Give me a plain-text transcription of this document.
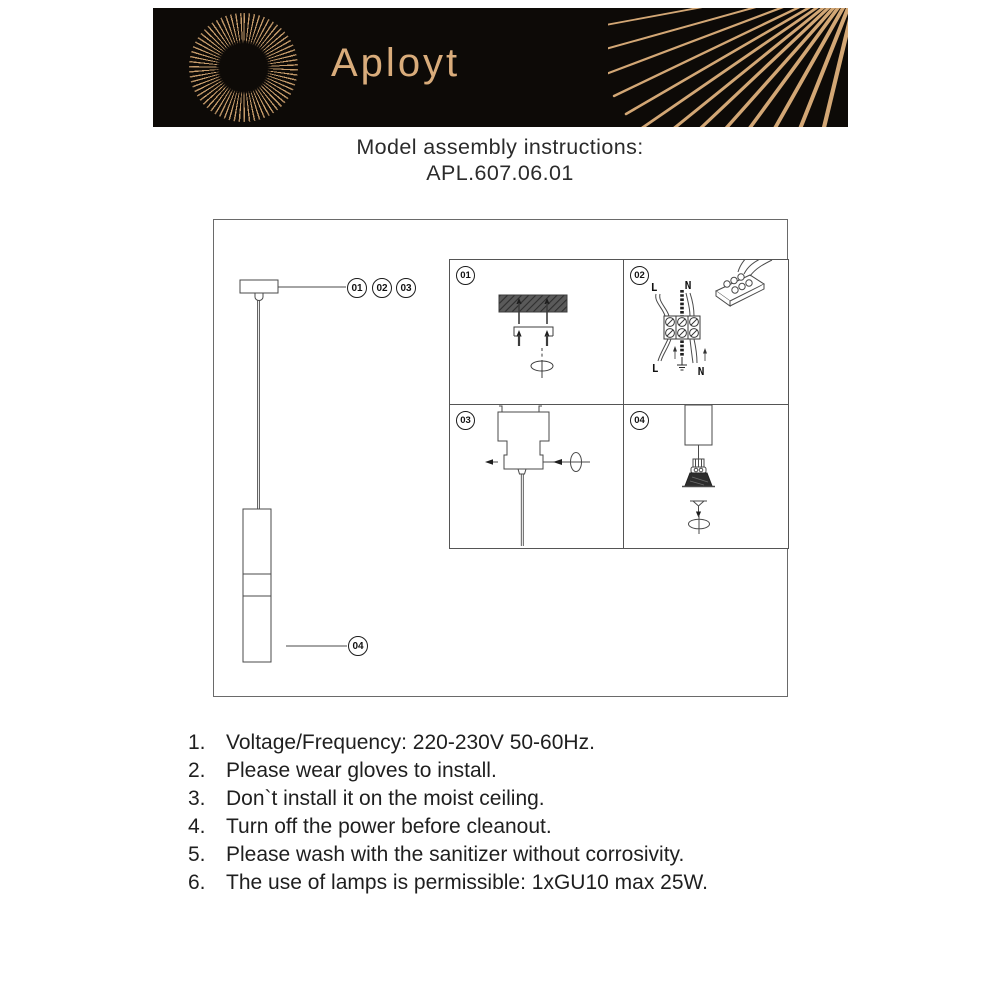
Aployt
Model assembly instructions:
APL.607.06.01
01	02	03
04
01	02
L N
L	N
03	04
1. Voltage/Frequency: 220-230V 50-60Hz.
2. Please wear gloves to install.
3. Don`t install it on the moist ceiling.
4. Turn off the power before cleanout.
5. Please wash with the sanitizer without corrosivity.
6. The use of lamps is permissible: 1xGU10 max 25W.
